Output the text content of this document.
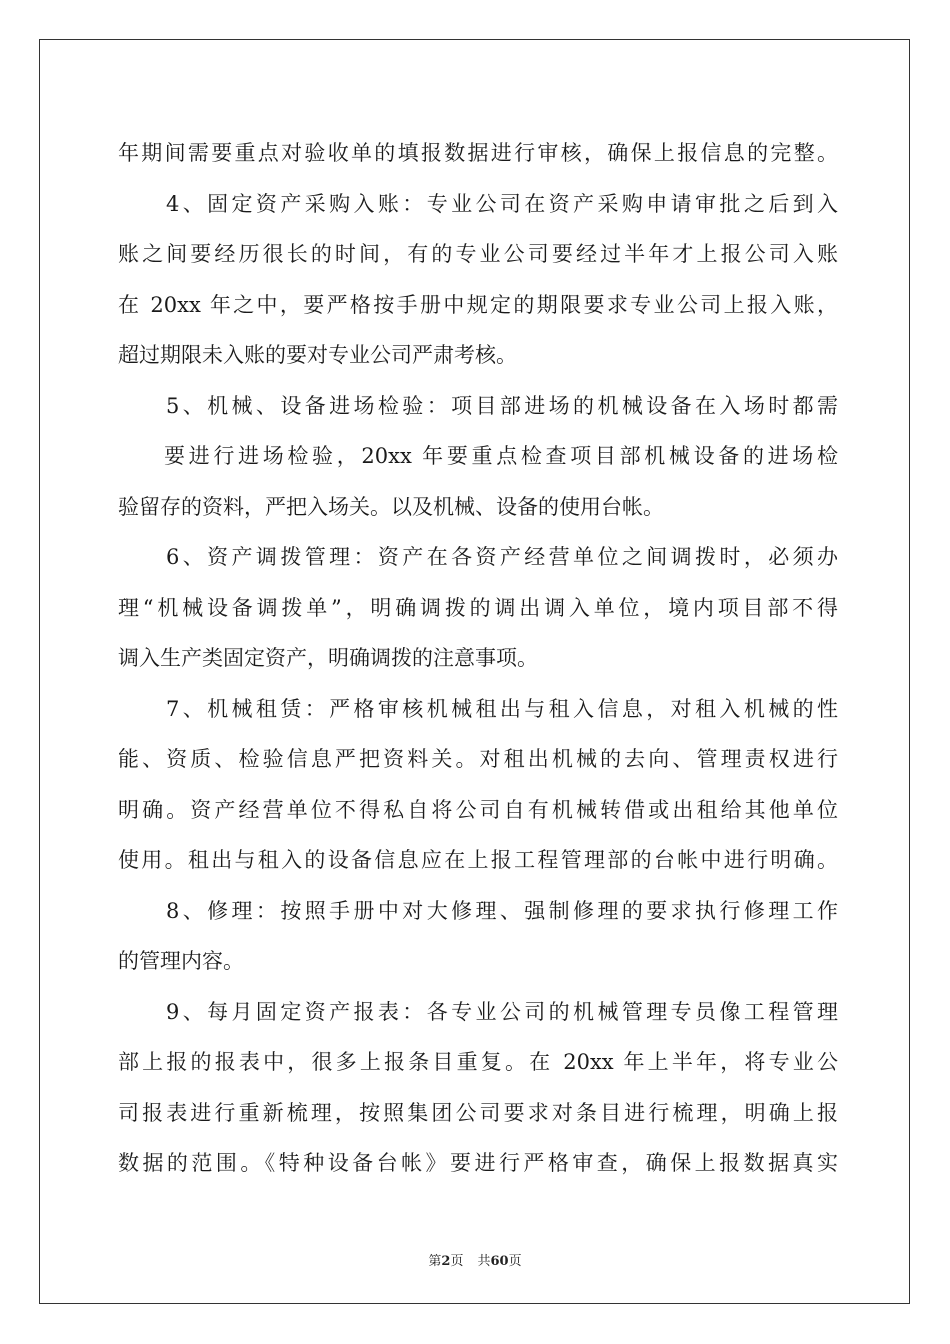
年期间需要重点对验收单的填报数据进行审核，确保上报信息的完整。
4、固定资产采购入账：专业公司在资产采购申请审批之后到入
账之间要经历很长的时间，有的专业公司要经过半年才上报公司入账
在 20xx 年之中，要严格按手册中规定的期限要求专业公司上报入账，
超过期限未入账的要对专业公司严肃考核。
5、机械、设备进场检验：项目部进场的机械设备在入场时都需
要进行进场检验，20xx 年要重点检查项目部机械设备的进场检
验留存的资料，严把入场关。以及机械、设备的使用台帐。
6、资产调拨管理：资产在各资产经营单位之间调拨时，必须办
理“机械设备调拨单”，明确调拨的调出调入单位，境内项目部不得
调入生产类固定资产，明确调拨的注意事项。
7、机械租赁：严格审核机械租出与租入信息，对租入机械的性
能、资质、检验信息严把资料关。对租出机械的去向、管理责权进行
明确。资产经营单位不得私自将公司自有机械转借或出租给其他单位
使用。租出与租入的设备信息应在上报工程管理部的台帐中进行明确。
8、修理：按照手册中对大修理、强制修理的要求执行修理工作
的管理内容。
9、每月固定资产报表：各专业公司的机械管理专员像工程管理
部上报的报表中，很多上报条目重复。在 20xx 年上半年，将专业公
司报表进行重新梳理，按照集团公司要求对条目进行梳理，明确上报
数据的范围。《特种设备台帐》要进行严格审查，确保上报数据真实
第2页 共60页
